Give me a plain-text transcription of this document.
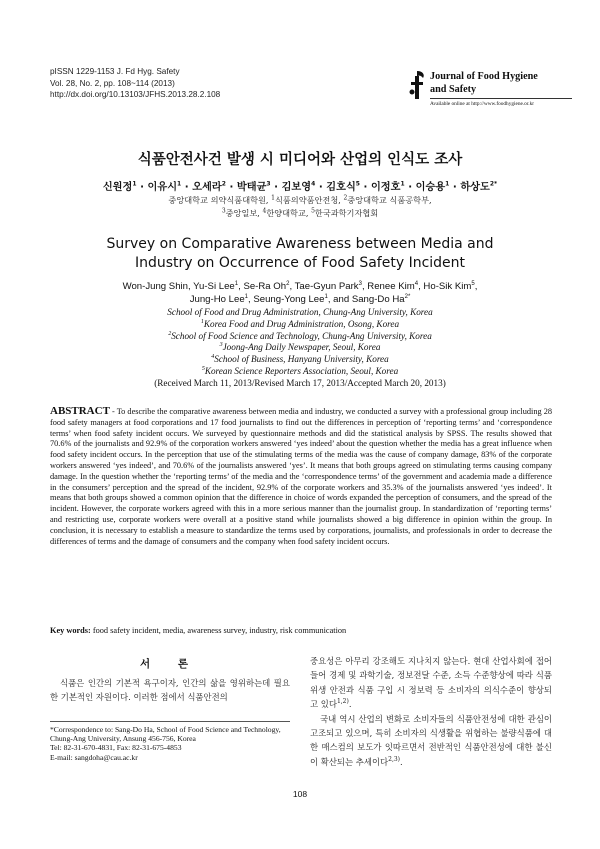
pISSN 1229-1153 J. Fd Hyg. Safety
Vol. 28, No. 2, pp. 108~114 (2013)
http://dx.doi.org/10.13103/JFHS.2013.28.2.108
Journal of Food Hygiene
and Safety
Available online at http://www.foodhygiene.or.kr
식품안전사건 발생 시 미디어와 산업의 인식도 조사
신원정$^1$ · 이유시$^1$ · 오세라$^2$ · 박태균$^3$ · 김보영$^4$ · 김호식$^5$ · 이정호$^1$ · 이승용$^1$ · 하상도$^{2*}$
중앙대학교 의약식품대학원, $^1$식품의약품안전청, $^2$중앙대학교 식품공학부,
$^3$중앙일보, $^4$한양대학교, $^5$한국과학기자협회
Survey on Comparative Awareness between Media and
Industry on Occurrence of Food Safety Incident
Won-Jung Shin, Yu-Si Lee$^1$, Se-Ra Oh$^2$, Tae-Gyun Park$^3$, Renee Kim$^4$, Ho-Sik Kim$^5$,
Jung-Ho Lee$^1$, Seung-Yong Lee$^1$, and Sang-Do $Ha^{2*}$
School of Food and Drug Administration, Chung-Ang University, Korea
$^1$Korea Food and Drug Administration, Osong, Korea
$^2$School of Food Science and Technology, Chung-Ang University, Korea
$^3$Joong-Ang Daily Newspaper, Seoul, Korea
$^4$School of Business, Hanyang University, Korea
$^5$Korean Science Reporters Association, Seoul, Korea
(Received March 11, 2013/Revised March 17, 2013/Accepted March 20, 2013)
ABSTRACT - To describe the comparative awareness between media and industry, we conducted a survey with a professional group including 28 food safety managers at food corporations and 17 food journalists to find out the differences in perception of ‘reporting terms’ and ‘correspondence terms’ when food safety incident occurs. We surveyed by questionnaire methods and did the statistical analysis by SPSS. The results showed that 70.6% of the journalists and 92.9% of the corporation workers answered ‘yes indeed’ about the question whether the media has a great influence when food safety incident occurs. In the perception that use of the stimulating terms of the media was the cause of company damage, 83% of the corporate workers answered ‘yes indeed’, and 70.6% of the journalists answered ‘yes’. It means that both groups agreed on stimulating terms causing company damage. In the question whether the ‘reporting terms’ of the media and the ‘correspondence terms’ of the government and academia made a difference in the consumers’ perception and the spread of the incident, 92.9% of the corporate workers and 35.3% of the journalists answered ‘yes indeed’. It means that both groups showed a common opinion that the difference in choice of words expanded the perception of consumers, and the spread of the incident. However, the corporate workers agreed with this in a more serious manner than the journalist group. In standardization of ‘reporting terms’ and restricting use, corporate workers were overall at a positive stand while journalists showed a big difference in opinion within the group. In conclusion, it is necessary to establish a measure to standardize the terms used by corporations, journalists, and professionals in order to decrease the differences of terms and the damage of consumers and the company when food safety incident occurs.
Key words: food safety incident, media, awareness survey, industry, risk communication
서 론
식품은 인간의 기본적 욕구이자, 인간의 삶을 영위하는데 필요한 기본적인 자원이다. 이러한 점에서 식품안전의

중요성은 아무리 강조해도 지나치지 않는다. 현대 산업사회에 접어들어 경제 및 과학기술, 정보전달 수준, 소득 수준향상에 따라 식품 위생 안전과 식품 구입 시 정보력 등 소비자의 의식수준이 향상되고 있다$^{1,2)}$.

국내 역시 산업의 변화로 소비자들의 식품안전성에 대한 관심이 고조되고 있으며, 특히 소비자의 식생활을 위협하는 불량식품에 대한 매스컴의 보도가 잇따르면서 전반적인 식품안전성에 대한 불신이 확산되는 추세이다$^{2,3)}$.

*Correspondence to: Sang-Do Ha, School of Food Science and Technology, Chung-Ang University, Ansung 456-756, Korea
Tel: 82-31-670-4831, Fax: 82-31-675-4853
E-mail: sangdoha@cau.ac.kr
108
